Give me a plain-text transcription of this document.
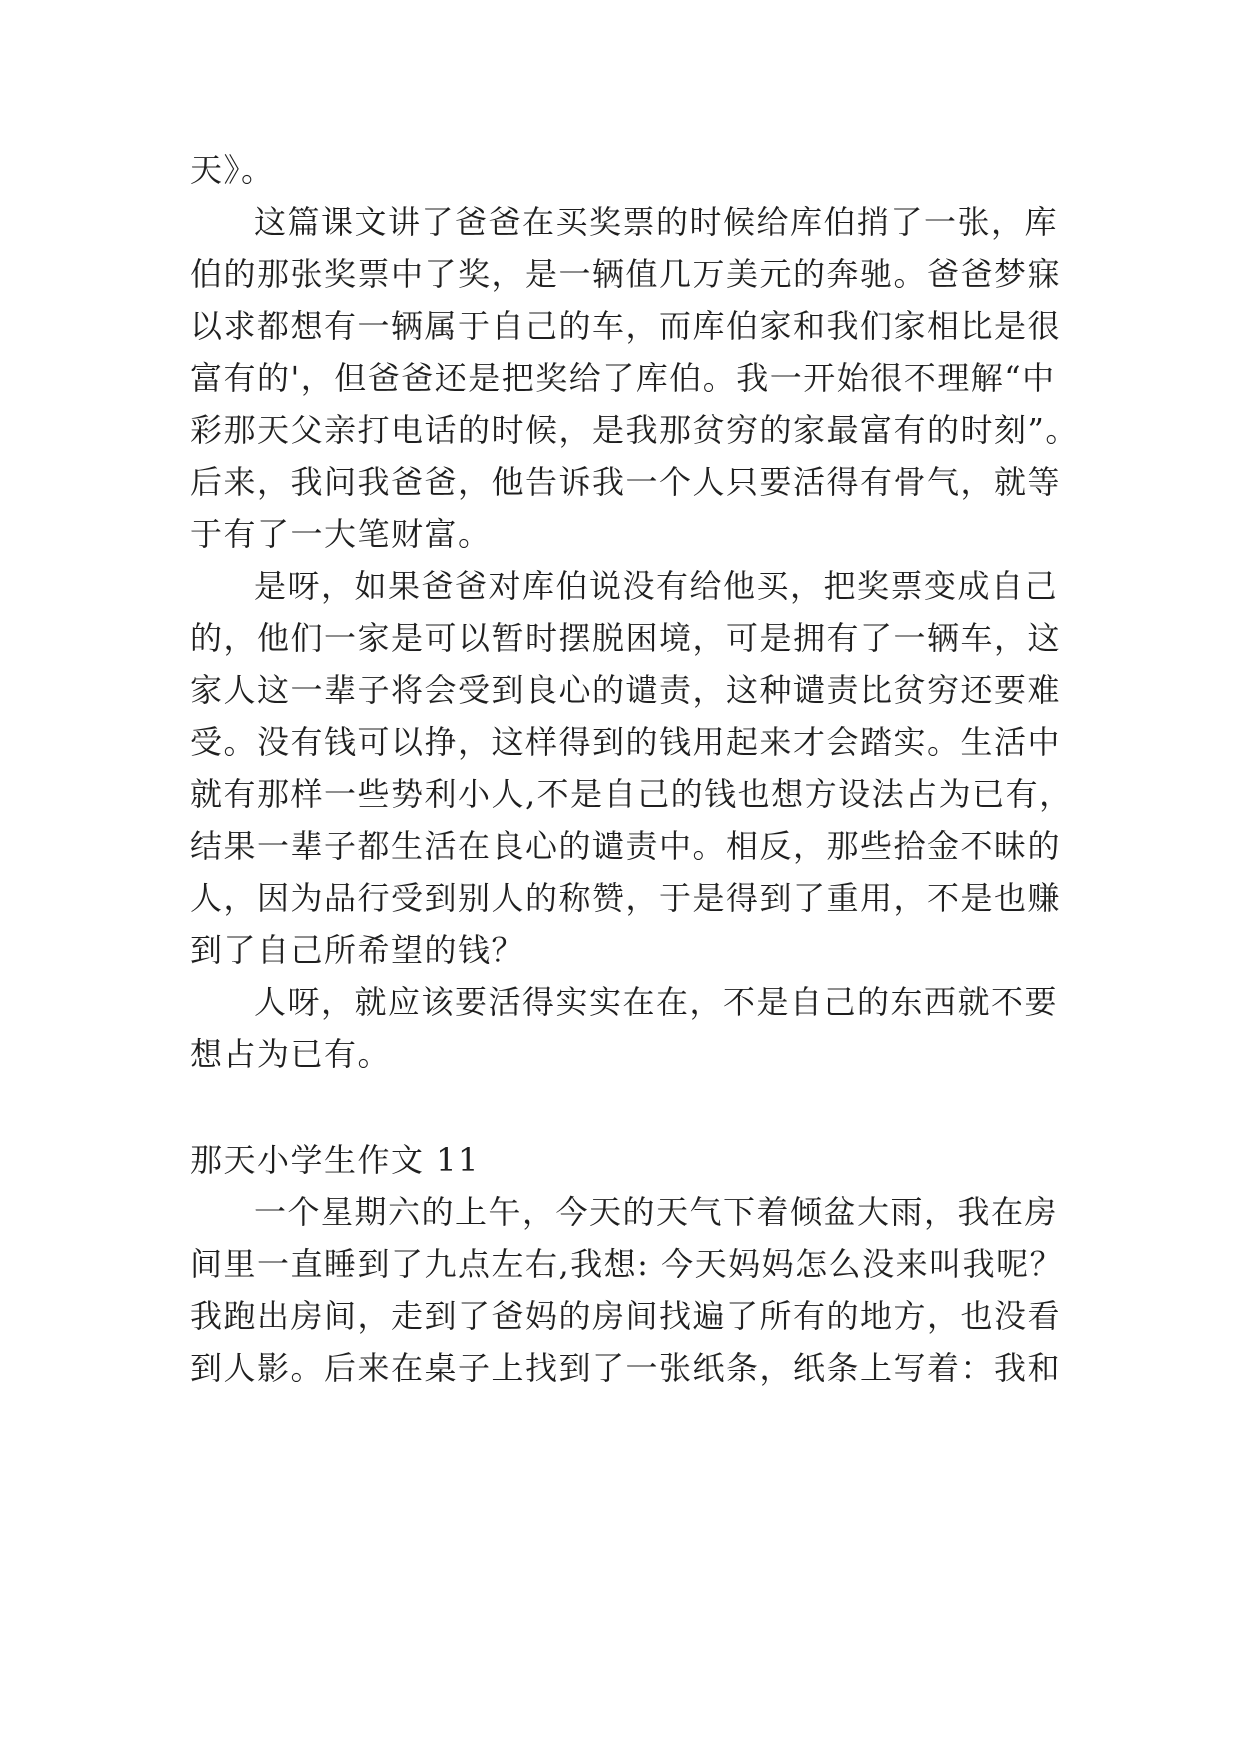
天》。
这篇课文讲了爸爸在买奖票的时候给库伯捎了一张，库
伯的那张奖票中了奖，是一辆值几万美元的奔驰。爸爸梦寐
以求都想有一辆属于自己的车，而库伯家和我们家相比是很
富有的'，但爸爸还是把奖给了库伯。我一开始很不理解“中
彩那天父亲打电话的时候，是我那贫穷的家最富有的时刻”。
后来，我问我爸爸，他告诉我一个人只要活得有骨气，就等
于有了一大笔财富。
是呀，如果爸爸对库伯说没有给他买，把奖票变成自己
的，他们一家是可以暂时摆脱困境，可是拥有了一辆车，这
家人这一辈子将会受到良心的谴责，这种谴责比贫穷还要难
受。没有钱可以挣，这样得到的钱用起来才会踏实。生活中
就有那样一些势利小人,不是自己的钱也想方设法占为已有，
结果一辈子都生活在良心的谴责中。相反，那些拾金不昧的
人，因为品行受到别人的称赞，于是得到了重用，不是也赚
到了自己所希望的钱？
人呀，就应该要活得实实在在，不是自己的东西就不要
想占为已有。
那天小学生作文 11
一个星期六的上午，今天的天气下着倾盆大雨，我在房
间里一直睡到了九点左右,我想: 今天妈妈怎么没来叫我呢？
我跑出房间，走到了爸妈的房间找遍了所有的地方，也没看
到人影。后来在桌子上找到了一张纸条，纸条上写着：我和
